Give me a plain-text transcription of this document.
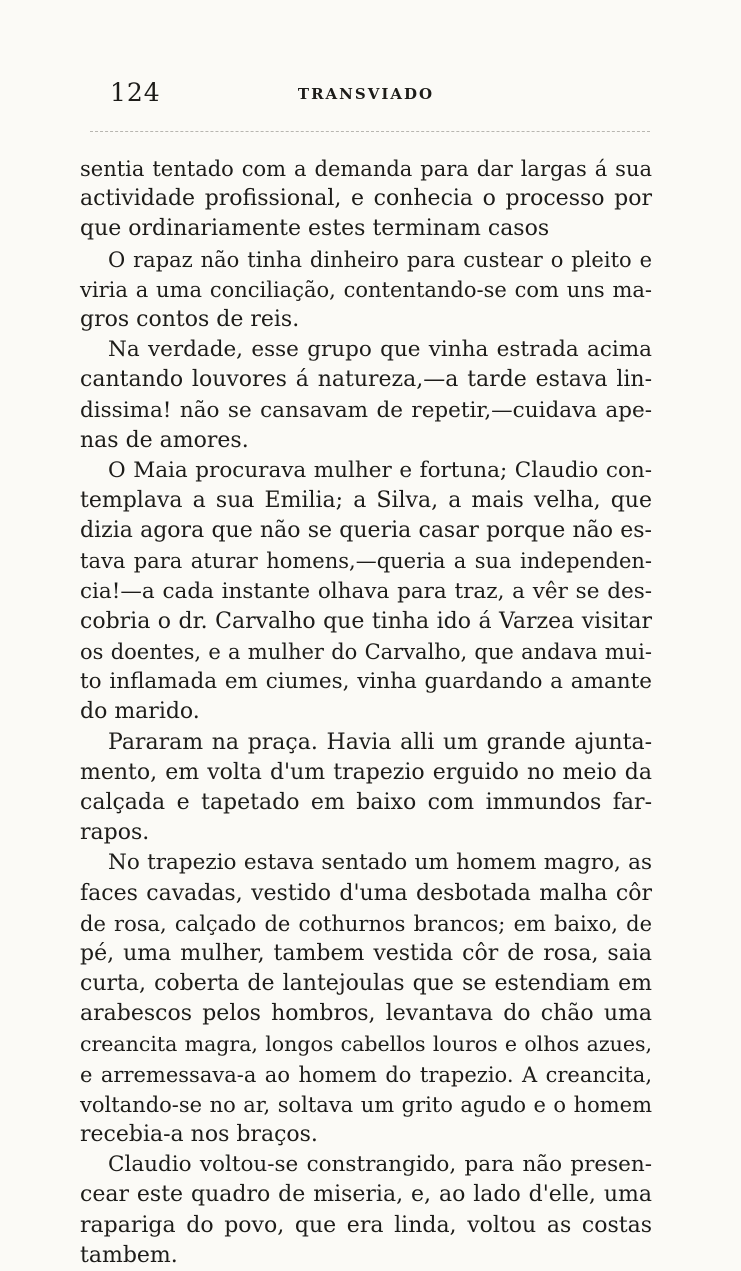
124	TRANSVIADO
sentia tentado com a demanda para dar largas á sua
actividade profissional, e conhecia o processo por
que ordinariamente estes terminam casos
O rapaz não tinha dinheiro para custear o pleito e
viria a uma conciliação, contentando-se com uns ma-
gros contos de reis.
Na verdade, esse grupo que vinha estrada acima
cantando louvores á natureza,—a tarde estava lin-
dissima! não se cansavam de repetir,—cuidava ape-
nas de amores.
O Maia procurava mulher e fortuna; Claudio con-
templava a sua Emilia; a Silva, a mais velha, que
dizia agora que não se queria casar porque não es-
tava para aturar homens,—queria a sua independen-
cia!—a cada instante olhava para traz, a vêr se des-
cobria o dr. Carvalho que tinha ido á Varzea visitar
os doentes, e a mulher do Carvalho, que andava mui-
to inflamada em ciumes, vinha guardando a amante
do marido.
Pararam na praça. Havia alli um grande ajunta-
mento, em volta d'um trapezio erguido no meio da
calçada e tapetado em baixo com immundos far-
rapos.
No trapezio estava sentado um homem magro, as
faces cavadas, vestido d'uma desbotada malha côr
de rosa, calçado de cothurnos brancos; em baixo, de
pé, uma mulher, tambem vestida côr de rosa, saia
curta, coberta de lantejoulas que se estendiam em
arabescos pelos hombros, levantava do chão uma
creancita magra, longos cabellos louros e olhos azues,
e arremessava-a ao homem do trapezio. A creancita,
voltando-se no ar, soltava um grito agudo e o homem
recebia-a nos braços.
Claudio voltou-se constrangido, para não presen-
cear este quadro de miseria, e, ao lado d'elle, uma
rapariga do povo, que era linda, voltou as costas
tambem.
